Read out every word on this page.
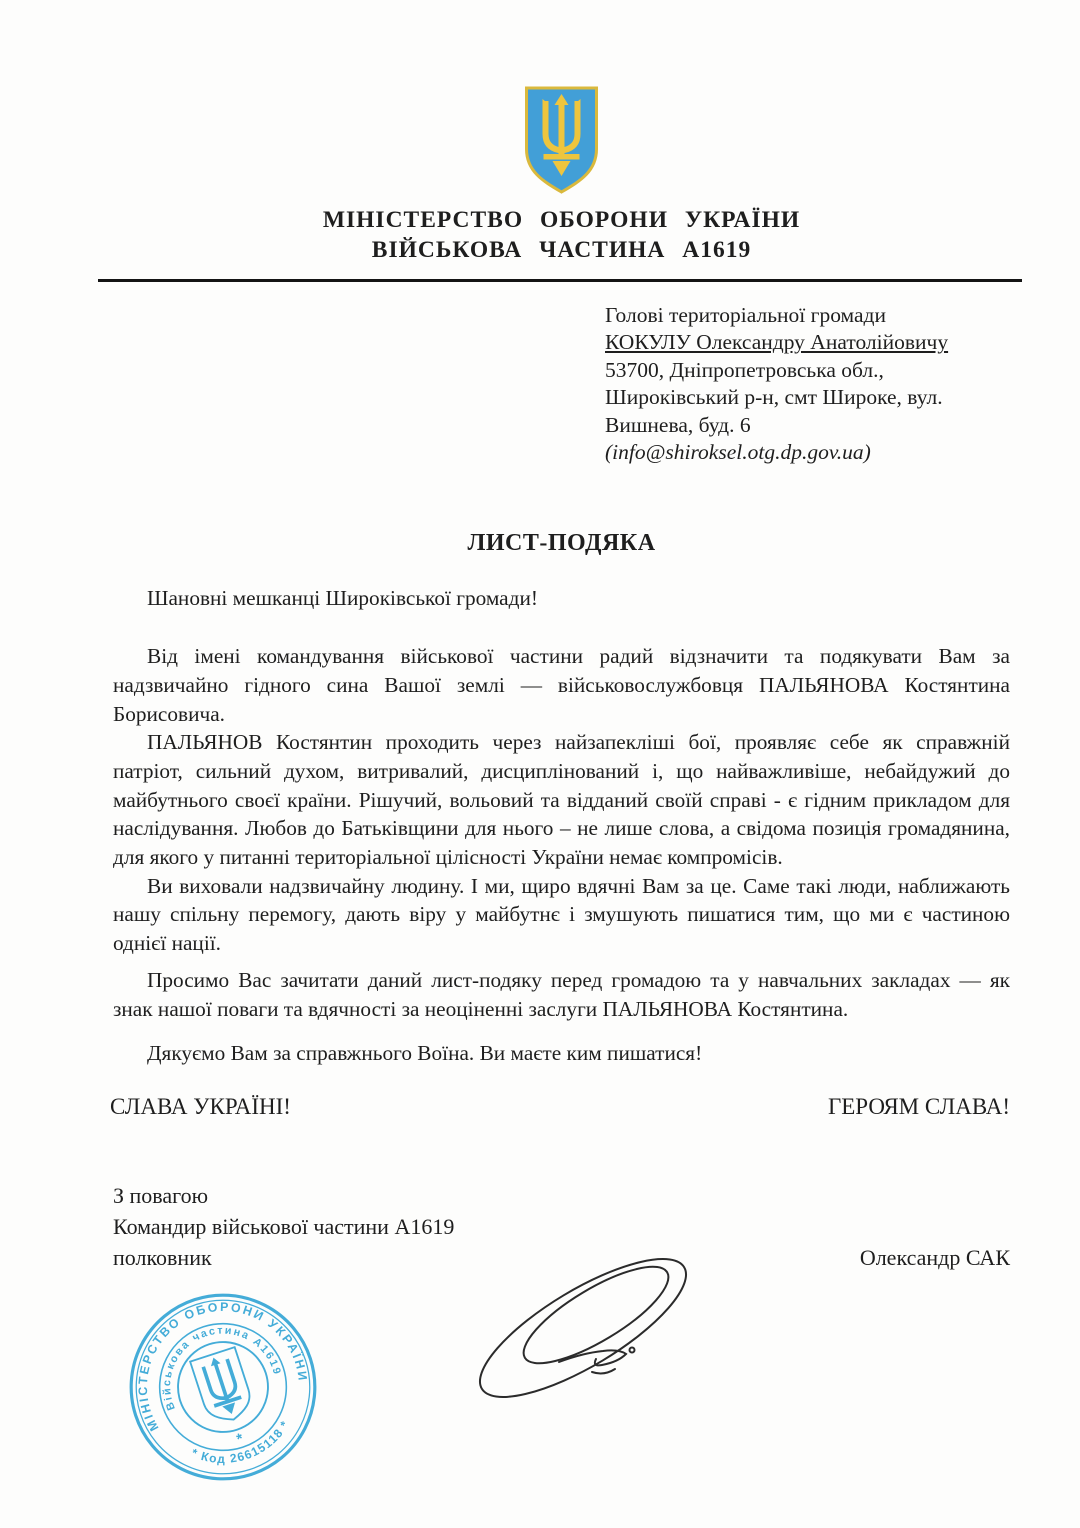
МІНІСТЕРСТВО ОБОРОНИ УКРАЇНИ
ВІЙСЬКОВА ЧАСТИНА А1619
Голові територіальної громади
КОКУЛУ Олександру Анатолійовичу
53700, Дніпропетровська обл.,
Широківський р-н, смт Широке, вул.
Вишнева, буд. 6
(info@shiroksel.otg.dp.gov.ua)
ЛИСТ-ПОДЯКА

Шановні мешканці Широківської громади!

Від імені командування військової частини радий відзначити та подякувати Вам за надзвичайно гідного сина Вашої землі — військовослужбовця ПАЛЬЯНОВА Костянтина Борисовича.

ПАЛЬЯНОВ Костянтин проходить через найзапекліші бої, проявляє себе як справжній патріот, сильний духом, витривалий, дисциплінований і, що найважливіше, небайдужий до майбутнього своєї країни. Рішучий, вольовий та відданий своїй справі - є гідним прикладом для наслідування. Любов до Батьківщини для нього – не лише слова, а свідома позиція громадянина, для якого у питанні територіальної цілісності України немає компромісів.

Ви виховали надзвичайну людину. І ми, щиро вдячні Вам за це. Саме такі люди, наближають нашу спільну перемогу, дають віру у майбутнє і змушують пишатися тим, що ми є частиною однієї нації.

Просимо Вас зачитати даний лист-подяку перед громадою та у навчальних закладах — як знак нашої поваги та вдячності за неоціненні заслуги ПАЛЬЯНОВА Костянтина.

Дякуємо Вам за справжнього Воїна. Ви маєте ким пишатися!

СЛАВА УКРАЇНІ!	ГЕРОЯМ СЛАВА!
З повагою
Командир військової частини А1619
полковник	Олександр САК
МІНІСТЕРСТВО ОБОРОНИ УКРАЇНИ
Військова частина А1619
* Код 26615118 *
*
